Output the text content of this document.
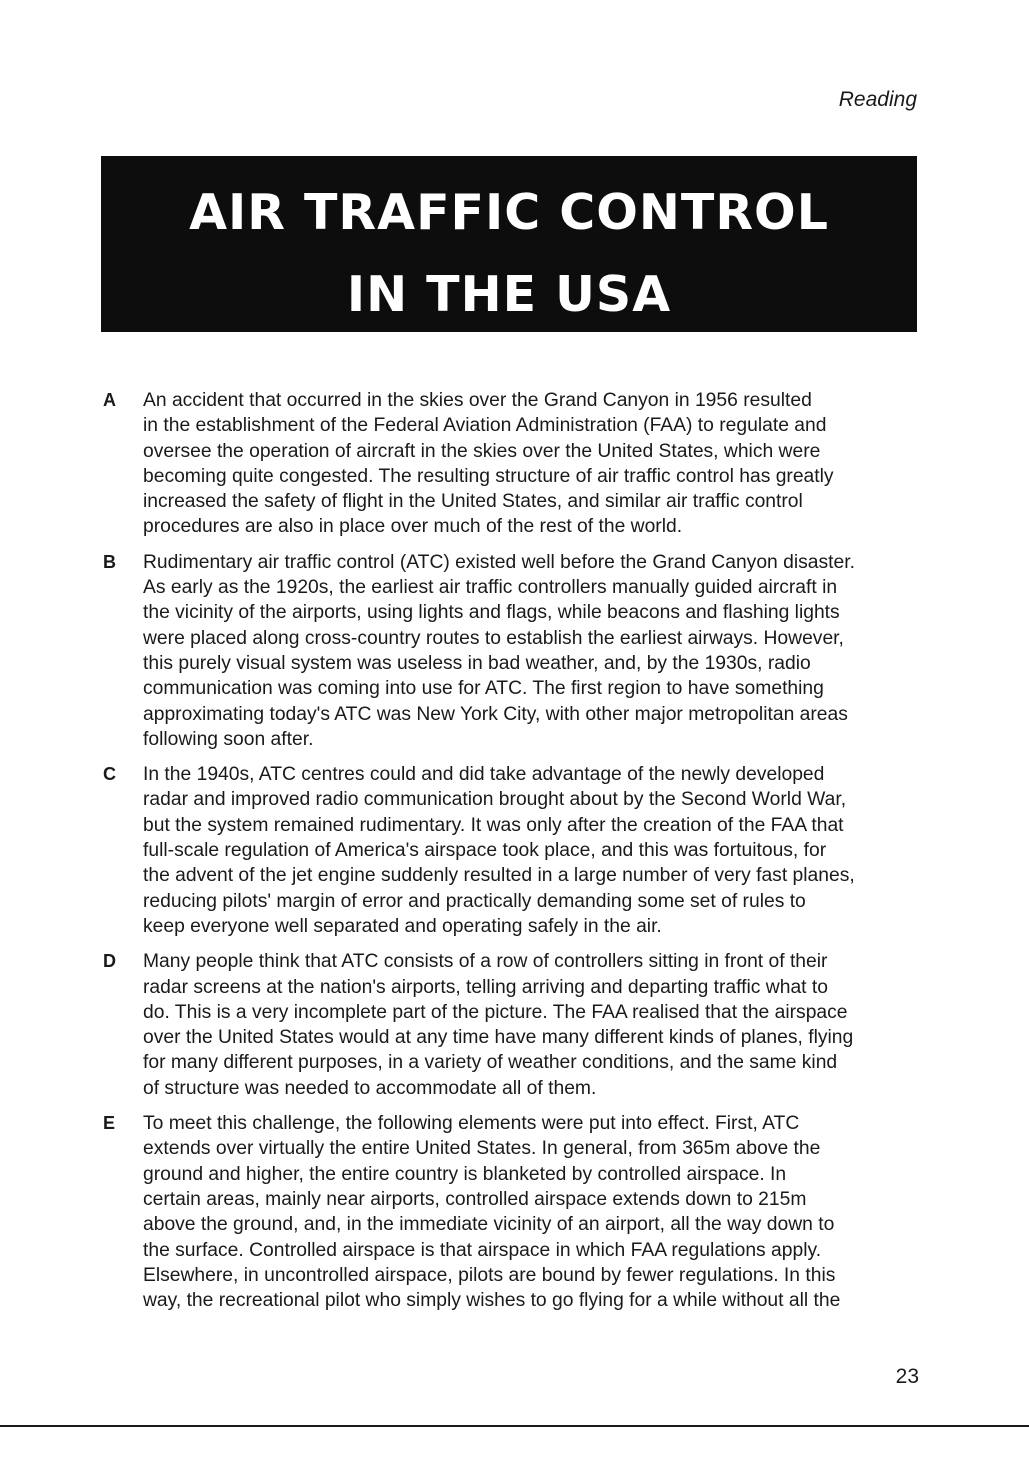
Reading
AIR TRAFFIC CONTROL
IN THE USA
A	An accident that occurred in the skies over the Grand Canyon in 1956 resulted
in the establishment of the Federal Aviation Administration (FAA) to regulate and
oversee the operation of aircraft in the skies over the United States, which were
becoming quite congested. The resulting structure of air traffic control has greatly
increased the safety of flight in the United States, and similar air traffic control
procedures are also in place over much of the rest of the world.
B	Rudimentary air traffic control (ATC) existed well before the Grand Canyon disaster.
As early as the 1920s, the earliest air traffic controllers manually guided aircraft in
the vicinity of the airports, using lights and flags, while beacons and flashing lights
were placed along cross-country routes to establish the earliest airways. However,
this purely visual system was useless in bad weather, and, by the 1930s, radio
communication was coming into use for ATC. The first region to have something
approximating today's ATC was New York City, with other major metropolitan areas
following soon after.
C	In the 1940s, ATC centres could and did take advantage of the newly developed
radar and improved radio communication brought about by the Second World War,
but the system remained rudimentary. It was only after the creation of the FAA that
full-scale regulation of America's airspace took place, and this was fortuitous, for
the advent of the jet engine suddenly resulted in a large number of very fast planes,
reducing pilots' margin of error and practically demanding some set of rules to
keep everyone well separated and operating safely in the air.
D	Many people think that ATC consists of a row of controllers sitting in front of their
radar screens at the nation's airports, telling arriving and departing traffic what to
do. This is a very incomplete part of the picture. The FAA realised that the airspace
over the United States would at any time have many different kinds of planes, flying
for many different purposes, in a variety of weather conditions, and the same kind
of structure was needed to accommodate all of them.
E	To meet this challenge, the following elements were put into effect. First, ATC
extends over virtually the entire United States. In general, from 365m above the
ground and higher, the entire country is blanketed by controlled airspace. In
certain areas, mainly near airports, controlled airspace extends down to 215m
above the ground, and, in the immediate vicinity of an airport, all the way down to
the surface. Controlled airspace is that airspace in which FAA regulations apply.
Elsewhere, in uncontrolled airspace, pilots are bound by fewer regulations. In this
way, the recreational pilot who simply wishes to go flying for a while without all the
23
